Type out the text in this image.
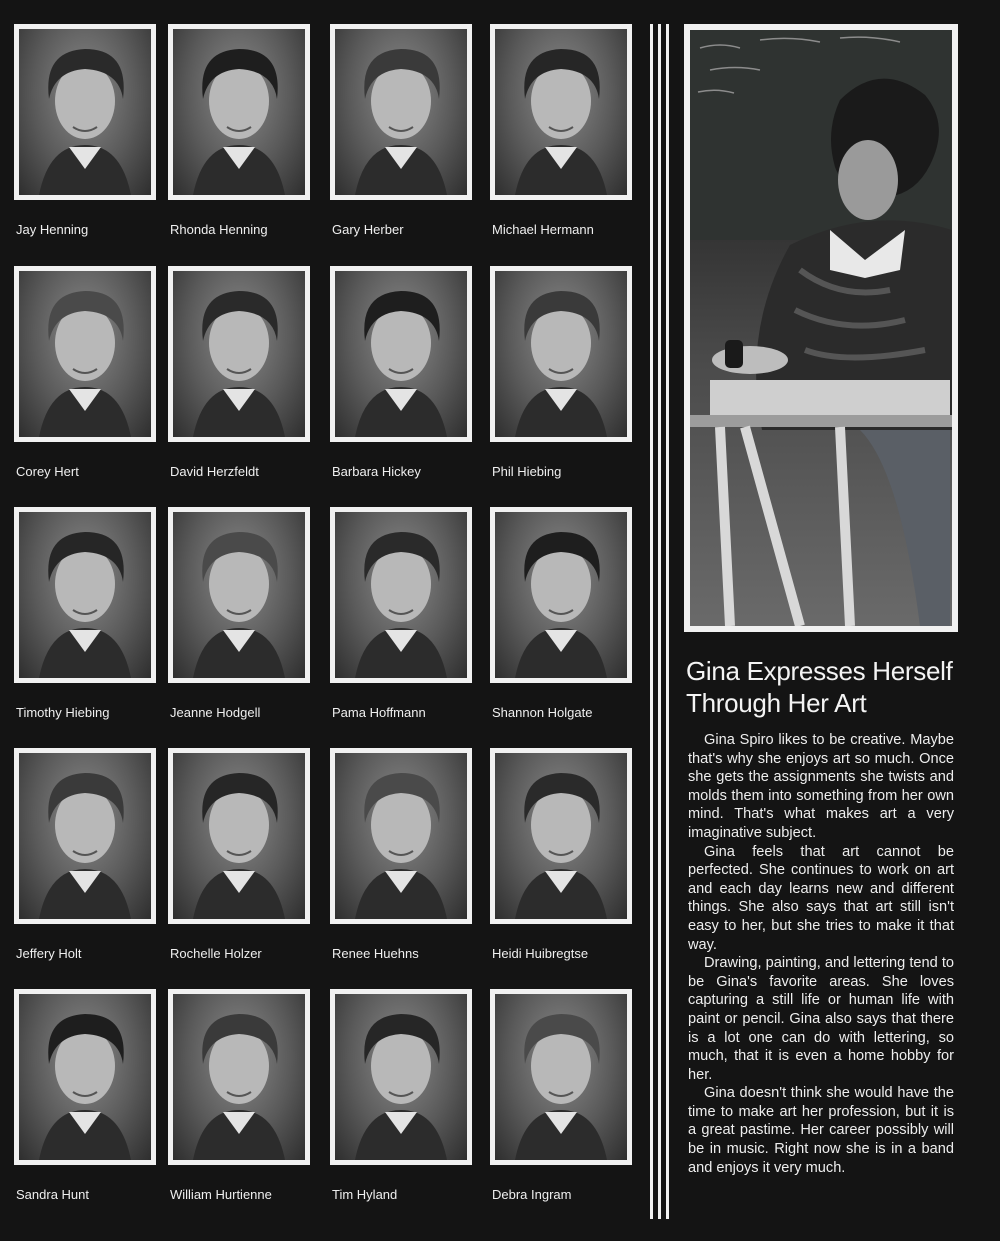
Jay Henning	Rhonda Henning	Gary Herber	Michael Hermann
Corey Hert	David Herzfeldt	Barbara Hickey	Phil Hiebing
Timothy Hiebing	Jeanne Hodgell	Pama Hoffmann	Shannon Holgate
Jeffery Holt	Rochelle Holzer	Renee Huehns	Heidi Huibregtse
Sandra Hunt	William Hurtienne	Tim Hyland	Debra Ingram
Gina Expresses Herself Through Her Art

Gina Spiro likes to be creative. Maybe that's why she enjoys art so much. Once she gets the assignments she twists and molds them into something from her own mind. That's what makes art a very imaginative subject.

Gina feels that art cannot be perfected. She continues to work on art and each day learns new and different things. She also says that art still isn't easy to her, but she tries to make it that way.

Drawing, painting, and lettering tend to be Gina's favorite areas. She loves capturing a still life or human life with paint or pencil. Gina also says that there is a lot one can do with lettering, so much, that it is even a home hobby for her.

Gina doesn't think she would have the time to make art her profession, but it is a great pastime. Her career possibly will be in music. Right now she is in a band and enjoys it very much.
